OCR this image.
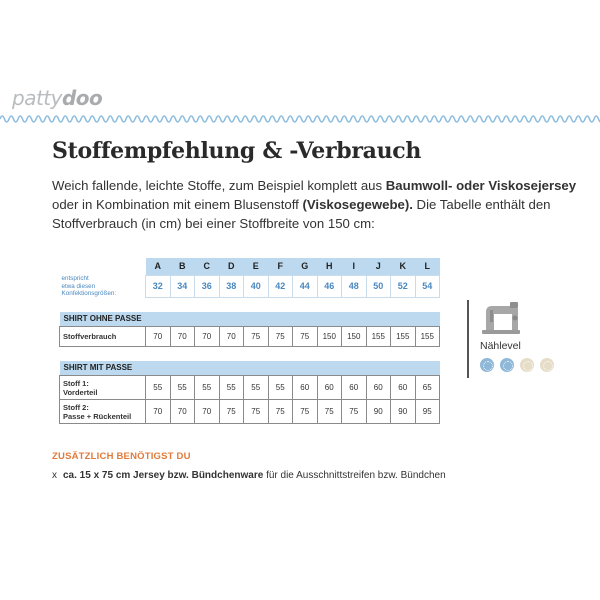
pattydoo
Stoffempfehlung & -Verbrauch

Weich fallende, leichte Stoffe, zum Beispiel komplett aus Baumwoll- oder Viskosejersey oder in Kombination mit einem Blusenstoff (Viskosegewebe). Die Tabelle enthält den Stoffverbrauch (in cm) bei einer Stoffbreite von 150 cm:

	A	B	C	D	E	F	G	H	I	J	K	L

entspricht
etwa diesen
Konfektionsgrößen:	32	34	36	38	40	42	44	46	48	50	52	54

SHIRT OHNE PASSE												

Stoffverbrauch	70	70	70	70	75	75	75	150	150	155	155	155

SHIRT MIT PASSE												

Stoff 1:
Vorderteil	55	55	55	55	55	55	60	60	60	60	60	65

Stoff 2:
Passe + Rückenteil	70	70	70	75	75	75	75	75	75	90	90	95
Nählevel
ZUSÄTZLICH BENÖTIGST DU
x ca. 15 x 75 cm Jersey bzw. Bündchenware für die Ausschnittstreifen bzw. Bündchen
